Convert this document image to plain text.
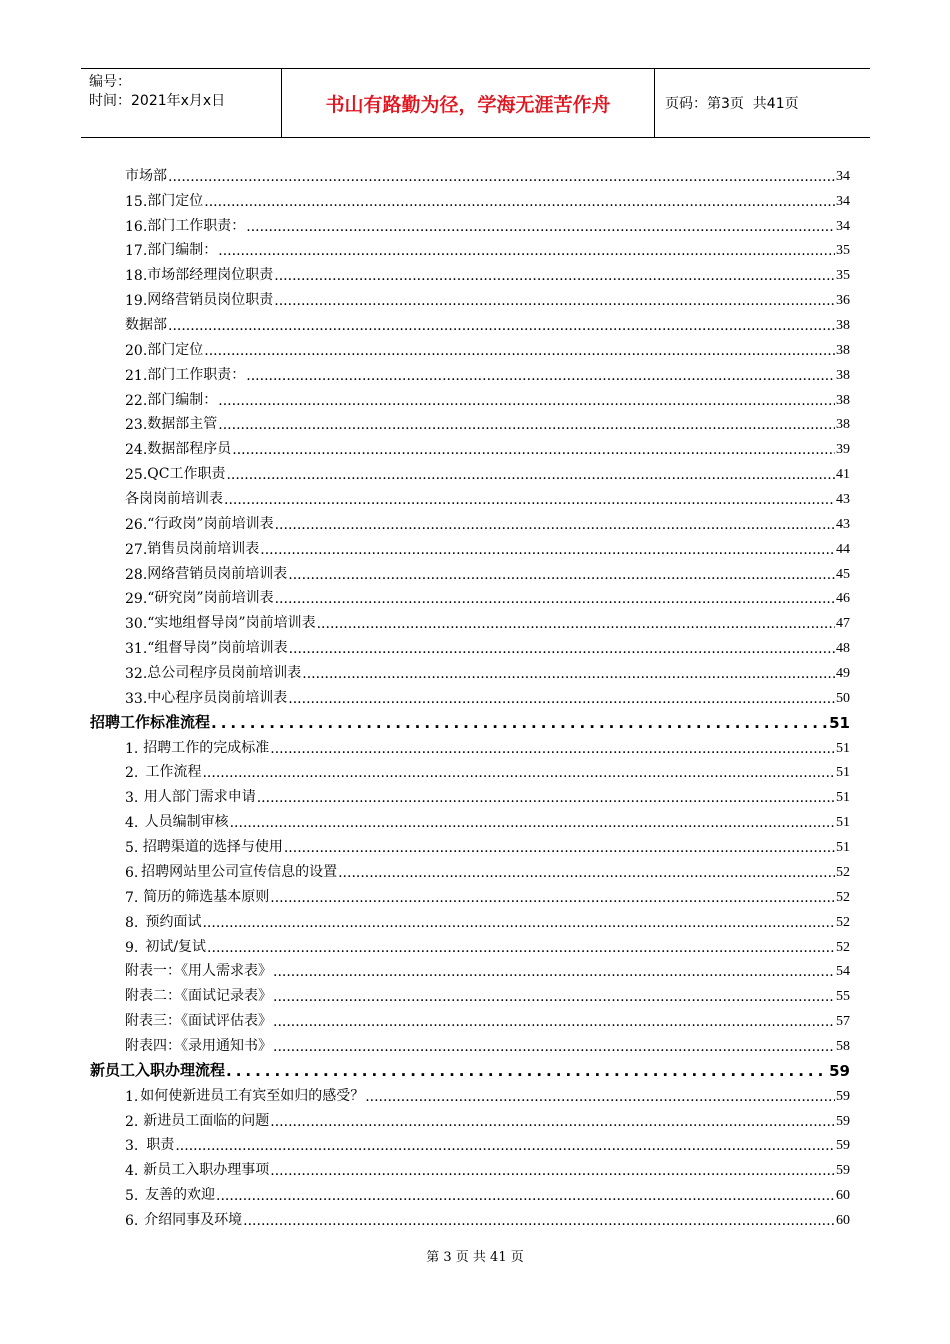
编号：
时间：2021年x月x日	书山有路勤为径，学海无涯苦作舟	页码：第3页  共41页
市场部 .....	34
15. 部门定位 .....	34
16. 部门工作职责： .....	34
17. 部门编制： .....	35
18. 市场部经理岗位职责 .....	35
19. 网络营销员岗位职责 .....	36
数据部 .....	38
20. 部门定位 .....	38
21. 部门工作职责： .....	38
22. 部门编制： .....	38
23. 数据部主管 .....	38
24. 数据部程序员 .....	39
25. QC工作职责 .....	41
各岗岗前培训表 .....	43
26. “行政岗”岗前培训表 .....	43
27. 销售员岗前培训表 .....	44
28. 网络营销员岗前培训表 .....	45
29. “研究岗”岗前培训表 .....	46
30. “实地组督导岗”岗前培训表 .....	47
31. “组督导岗”岗前培训表 .....	48
32. 总公司程序员岗前培训表 .....	49
33. 中心程序员岗前培训表 .....	50
招聘工作标准流程 .....	51
1. 招聘工作的完成标准 .....	51
2. 工作流程 .....	51
3. 用人部门需求申请 .....	51
4. 人员编制审核 .....	51
5. 招聘渠道的选择与使用 .....	51
6. 招聘网站里公司宣传信息的设置 .....	52
7. 简历的筛选基本原则 .....	52
8. 预约面试 .....	52
9. 初试/复试 .....	52
附表一：《用人需求表》 .....	54
附表二：《面试记录表》 .....	55
附表三：《面试评估表》 .....	57
附表四：《录用通知书》 .....	58
新员工入职办理流程 .....	59
1. 如何使新进员工有宾至如归的感受？ .....	59
2. 新进员工面临的问题 .....	59
3. 职责 .....	59
4. 新员工入职办理事项 .....	59
5. 友善的欢迎 .....	60
6. 介绍同事及环境 .....	60
第 3 页 共 41 页
